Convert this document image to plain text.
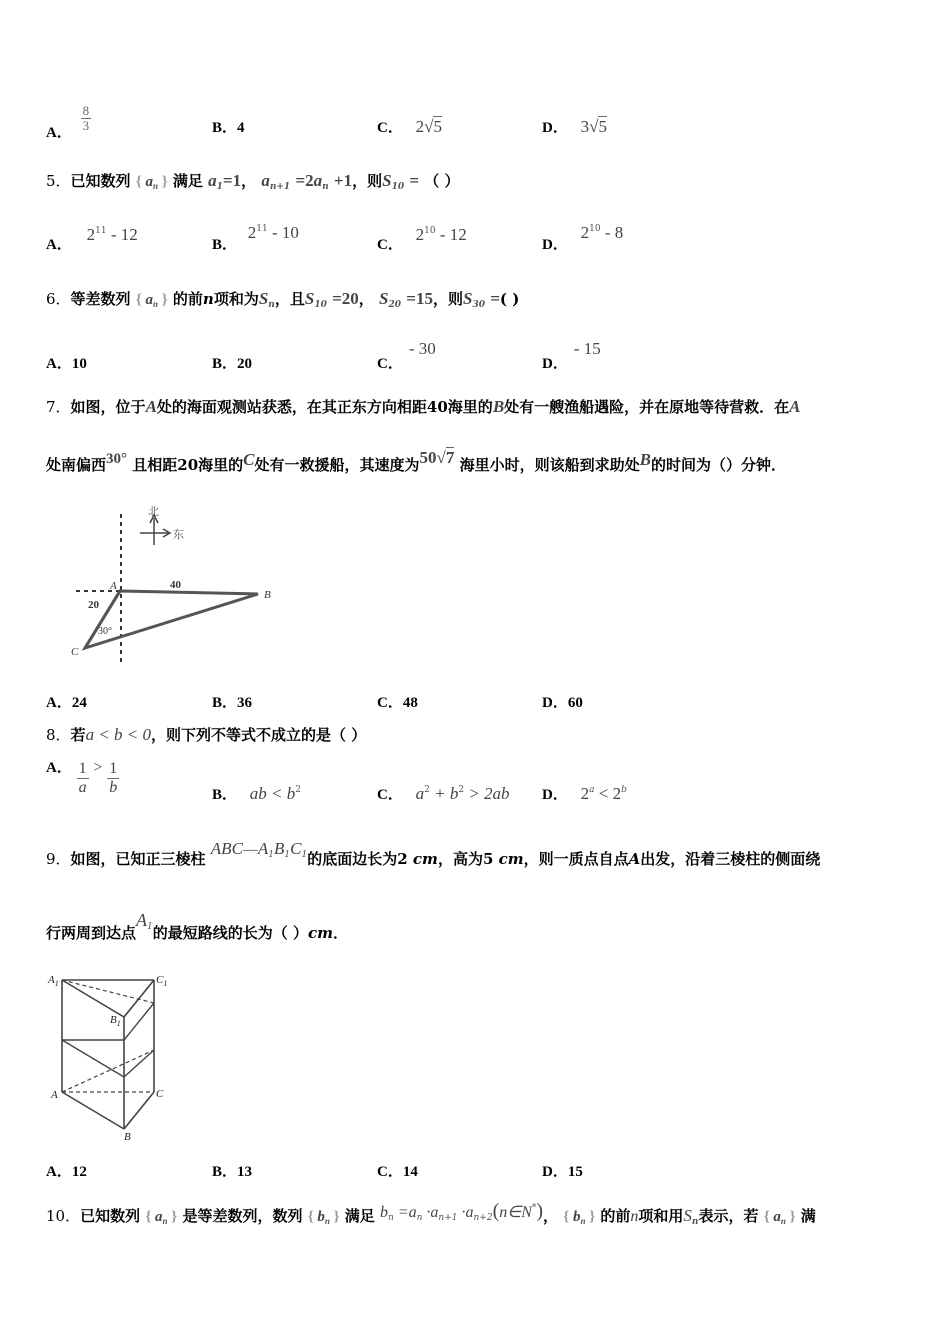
A． $\frac{8}{3}$	B．4	C． 2√5	D． 3√5
5．已知数列 { $a_n$ } 满足 $a_1=1$， $a_{n+1} =2a_n +1$，则$S_{10}$ = （ ）
A． $2^{11} - 12$
B． $2^{11} - 10$
C． $2^{10} - 12$
D． $2^{10} - 8$
6．等差数列 { $a_n$ } 的前n项和为$S_n$，且$S_{10} =20$， $S_{20} =15$，则$S_{30}$ =( )
A．10	B．20	C．- 30
D．- 15
7．如图，位于A处的海面观测站获悉，在其正东方向相距40海里的B处有一艘渔船遇险，并在原地等待营救．在A
处南偏西30° 且相距20海里的C处有一救援船，其速度为50√7 海里小时，则该船到求助处B的时间为（）分钟．
北
东
A
B
C
40
20
30°
A．24	B．36	C．48	D．60
8．若a < b < 0，则下列不等式不成立的是（ ）
A． $\frac{1}{a} > \frac{1}{b}$	B． ab < $b^2$	C． $a^2 + b^2 > 2ab$ D． $2^a < 2^b$
9．如图，已知正三棱柱 $ABC—A_1B_1C_1$的底面边长为2 cm，高为5 cm，则一质点自点A出发，沿着三棱柱的侧面绕
行两周到达点$A_1$的最短路线的长为（ ）cm．
$A_1$	$C_1$
$B_1$
A	C
B
A．12	B．13	C．14	D．15
10．已知数列 { $a_n$ } 是等差数列，数列 { $b_n$ } 满足 $b_n =a_n \cdot a_{n+1}$ $\cdot a_{n+2}(n\in N^*)$， { $b_n$ } 的前n项和用$S_n$表示，若 { $a_n$ } 满
